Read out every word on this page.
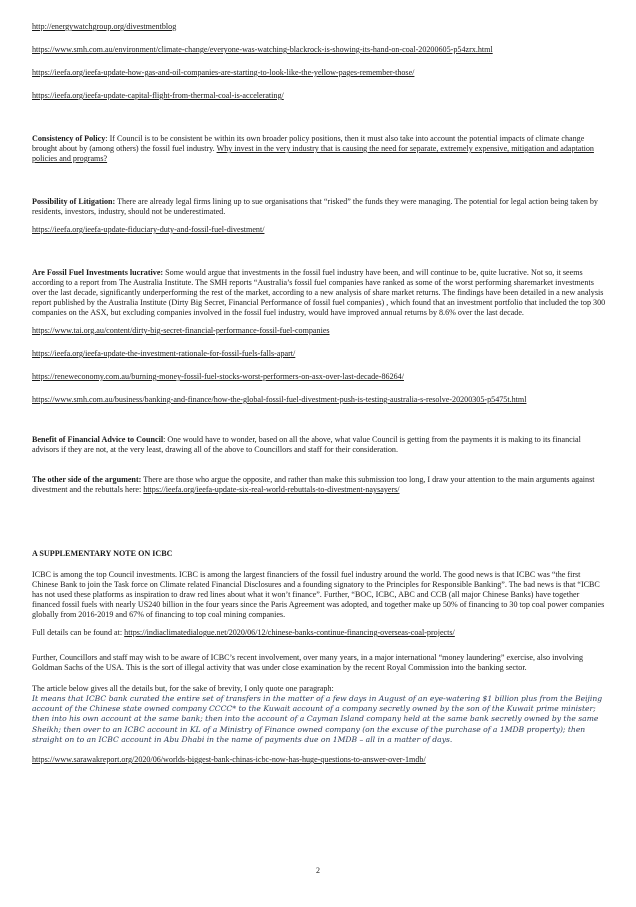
http://energywatchgroup.org/divestmentblog

https://www.smh.com.au/environment/climate-change/everyone-was-watching-blackrock-is-showing-its-hand-on-coal-20200605-p54zrx.html

https://ieefa.org/ieefa-update-how-gas-and-oil-companies-are-starting-to-look-like-the-yellow-pages-remember-those/

https://ieefa.org/ieefa-update-capital-flight-from-thermal-coal-is-accelerating/

Consistency of Policy: If Council is to be consistent be within its own broader policy positions, then it must also take into account the potential impacts of climate change brought about by (among others) the fossil fuel industry. Why invest in the very industry that is causing the need for separate, extremely expensive, mitigation and adaptation policies and programs?

Possibility of Litigation: There are already legal firms lining up to sue organisations that “risked” the funds they were managing. The potential for legal action being taken by residents, investors, industry, should not be underestimated.

https://ieefa.org/ieefa-update-fiduciary-duty-and-fossil-fuel-divestment/

Are Fossil Fuel Investments lucrative: Some would argue that investments in the fossil fuel industry have been, and will continue to be, quite lucrative. Not so, it seems according to a report from The Australia Institute. The SMH reports “Australia’s fossil fuel companies have ranked as some of the worst performing sharemarket investments over the last decade, significantly underperforming the rest of the market, according to a new analysis of share market returns. The findings have been detailed in a new analysis report published by the Australia Institute (Dirty Big Secret, Financial Performance of fossil fuel companies) , which found that an investment portfolio that included the top 300 companies on the ASX, but excluding companies involved in the fossil fuel industry, would have improved annual returns by 8.6% over the last decade.

https://www.tai.org.au/content/dirty-big-secret-financial-performance-fossil-fuel-companies

https://ieefa.org/ieefa-update-the-investment-rationale-for-fossil-fuels-falls-apart/

https://reneweconomy.com.au/burning-money-fossil-fuel-stocks-worst-performers-on-asx-over-last-decade-86264/

https://www.smh.com.au/business/banking-and-finance/how-the-global-fossil-fuel-divestment-push-is-testing-australia-s-resolve-20200305-p5475t.html

Benefit of Financial Advice to Council: One would have to wonder, based on all the above, what value Council is getting from the payments it is making to its financial advisors if they are not, at the very least, drawing all of the above to Councillors and staff for their consideration.

The other side of the argument: There are those who argue the opposite, and rather than make this submission too long, I draw your attention to the main arguments against divestment and the rebuttals here: https://ieefa.org/ieefa-update-six-real-world-rebuttals-to-divestment-naysayers/

A SUPPLEMENTARY NOTE ON ICBC

ICBC is among the top Council investments. ICBC is among the largest financiers of the fossil fuel industry around the world. The good news is that ICBC was “the first Chinese Bank to join the Task force on Climate related Financial Disclosures and a founding signatory to the Principles for Responsible Banking”. The bad news is that “ICBC has not used these platforms as inspiration to draw red lines about what it won’t finance”. Further, “BOC, ICBC, ABC and CCB (all major Chinese Banks) have together financed fossil fuels with nearly US240 billion in the four years since the Paris Agreement was adopted, and together make up 50% of financing to 30 top coal power companies globally from 2016-2019 and 67% of financing to top coal mining companies.

Full details can be found at: https://indiaclimatedialogue.net/2020/06/12/chinese-banks-continue-financing-overseas-coal-projects/

Further, Councillors and staff may wish to be aware of ICBC’s recent involvement, over many years, in a major international “money laundering” exercise, also involving Goldman Sachs of the USA. This is the sort of illegal activity that was under close examination by the recent Royal Commission into the banking sector.

The article below gives all the details but, for the sake of brevity, I only quote one paragraph:
It means that ICBC bank curated the entire set of transfers in the matter of a few days in August of an eye-watering $1 billion plus from the Beijing account of the Chinese state owned company CCCC* to the Kuwait account of a company secretly owned by the son of the Kuwait prime minister; then into his own account at the same bank; then into the account of a Cayman Island company held at the same bank secretly owned by the same Sheikh; then over to an ICBC account in KL of a Ministry of Finance owned company (on the excuse of the purchase of a 1MDB property); then straight on to an ICBC account in Abu Dhabi in the name of payments due on 1MDB – all in a matter of days.

https://www.sarawakreport.org/2020/06/worlds-biggest-bank-chinas-icbc-now-has-huge-questions-to-answer-over-1mdb/

2
